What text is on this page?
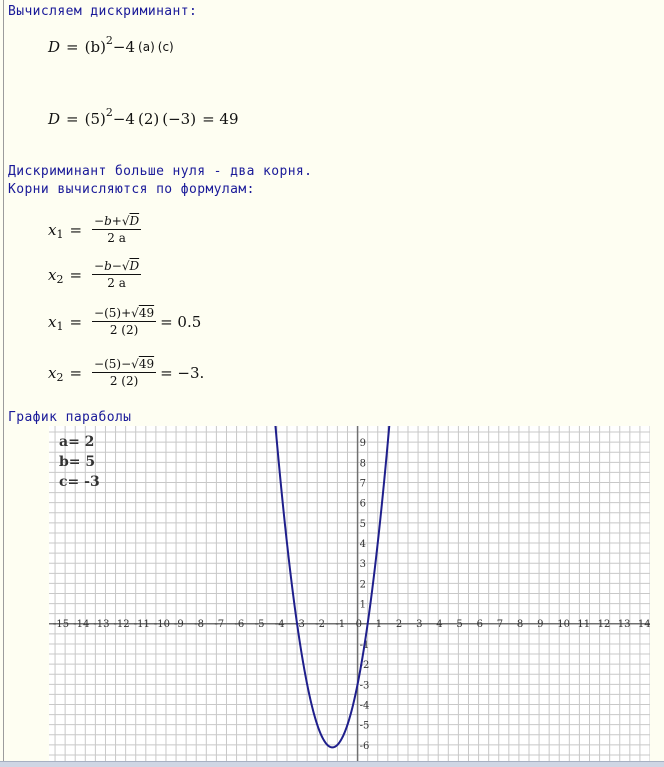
Вычисляем дискриминант:
D = (b) 2 −4 (a) (c)
D = (5) 2 −4 (2) (−3) = 49
Дискриминант больше нуля - два корня.
Корни вычисляются по формулам:
x $1 = \frac{-b+√D}{2 a}$
x $2 = \frac{-b-√D}{2 a}$
x $1 = \frac{-(5)+√49}{2 (2)} = 0.5$
x $2 = \frac{-(5)-√49}{2 (2)} = -3$.
График параболы
-15 -14 -13 -12 -11 -10 -9 -8 -7 -6 -5 -4 -3 -2 -1 0 1 2 3 4 5 6 7 8 9 10 11 12 13 14
9
8
7
6
5
4
3
2
1
-1
-2
-3
-4
-5
-6
a= 2
b= 5
c= -3
